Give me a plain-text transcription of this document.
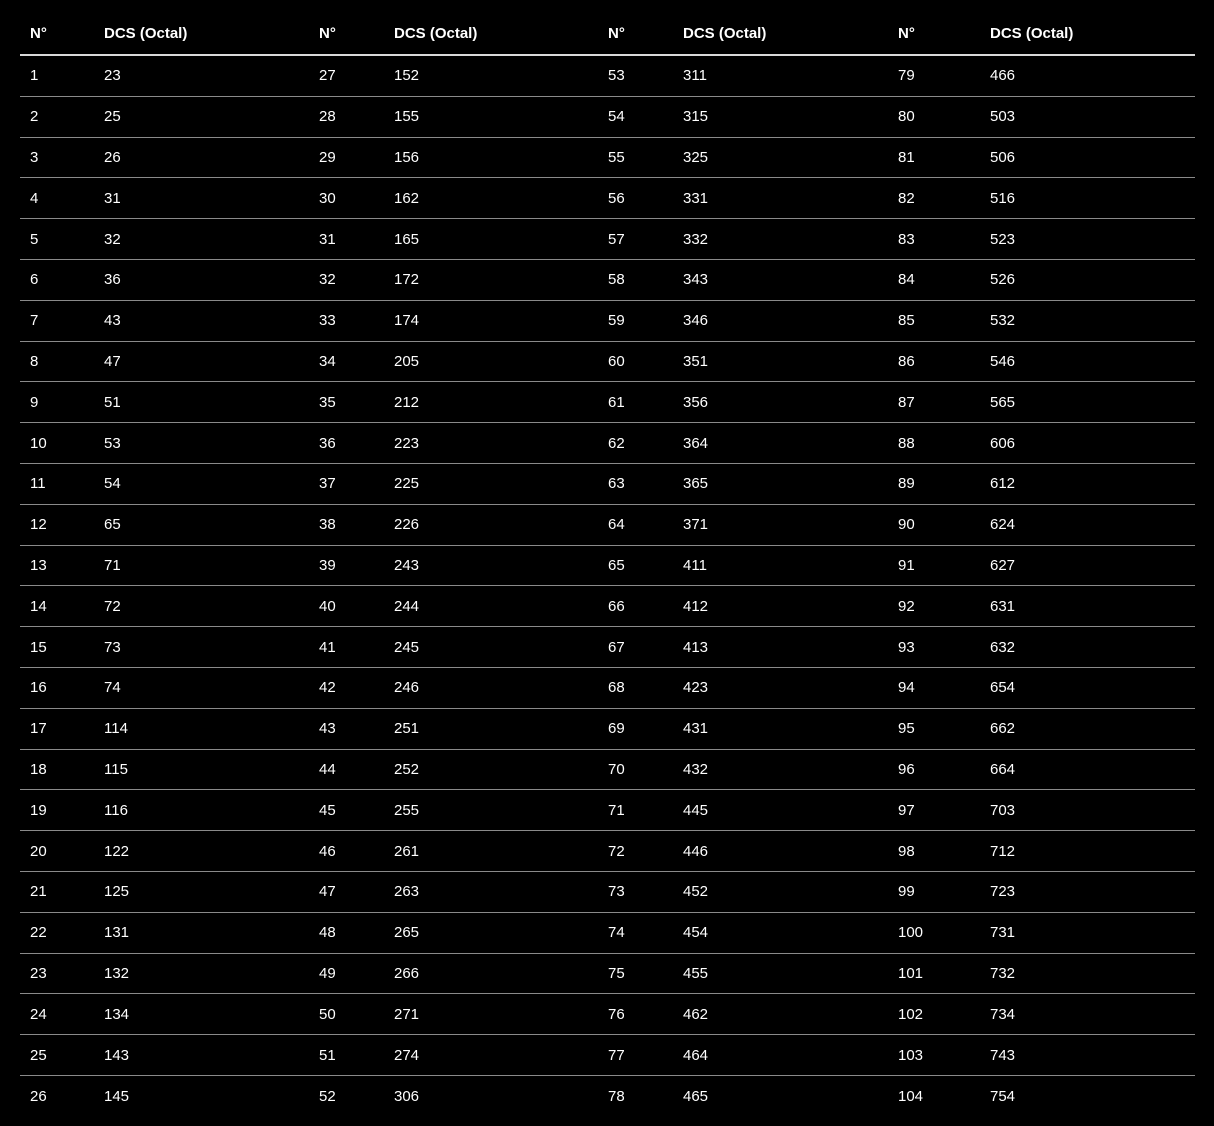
N°	DCS (Octal)	N°	DCS (Octal)	N°	DCS (Octal)	N°	DCS (Octal)
1	23	27	152	53	311	79	466
2	25	28	155	54	315	80	503
3	26	29	156	55	325	81	506
4	31	30	162	56	331	82	516
5	32	31	165	57	332	83	523
6	36	32	172	58	343	84	526
7	43	33	174	59	346	85	532
8	47	34	205	60	351	86	546
9	51	35	212	61	356	87	565
10	53	36	223	62	364	88	606
11	54	37	225	63	365	89	612
12	65	38	226	64	371	90	624
13	71	39	243	65	411	91	627
14	72	40	244	66	412	92	631
15	73	41	245	67	413	93	632
16	74	42	246	68	423	94	654
17	114	43	251	69	431	95	662
18	115	44	252	70	432	96	664
19	116	45	255	71	445	97	703
20	122	46	261	72	446	98	712
21	125	47	263	73	452	99	723
22	131	48	265	74	454	100	731
23	132	49	266	75	455	101	732
24	134	50	271	76	462	102	734
25	143	51	274	77	464	103	743
26	145	52	306	78	465	104	754
